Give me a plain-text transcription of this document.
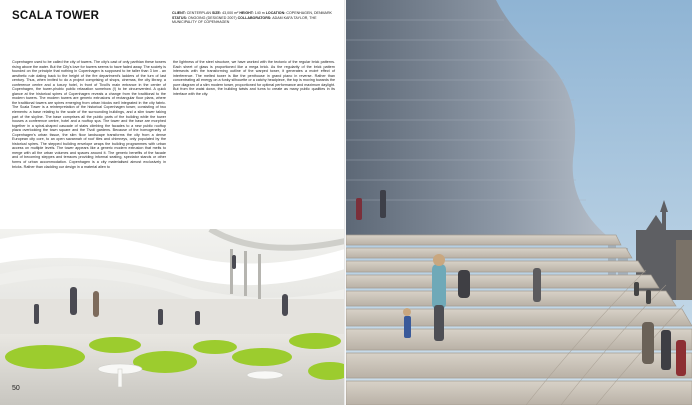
SCALA TOWER	CLIENT: CENTERPLAN SIZE: 43,000 m² HEIGHT: 140 m LOCATION: COPENHAGEN, DENMARK STATUS: ONGOING (DESIGNED 2007) COLLABORATORS: ADAM KAFA TAYLOR, THE MUNICIPALITY OF COPENHAGEN

Copenhagen used to be called the city of towers. The city's cast of only parthian these towers rising above the water. But the City's love for towers seems to have faded away. The society is founded on the principle that nothing in Copenhagen is supposed to be taller than 3 km - an aesthetic rule dating back to the height of the fire department's ladders of the turn of last century. Thus, when invited to do a project comprising of shops, cinemas, the city library, a conference centre and a luxury hotel, in front of Tivoli's main entrance in the center of Copenhagen, the tower-phobic public relaxation somehow (!) to be circumvented. A quick glance at the historical spires of Copenhagen reveals a change from the traditional to the modern towers. The modern towers are generic extrusions of rectangular floor plans, where the traditional towers are spires emerging from urban blocks well integrated in the city fabric. The Scala Tower is a reinterpretation of the historical Copenhagen tower, consisting of two elements: a base relating to the scale of the surrounding buildings, and a slim tower taking part of the skyline. The base comprises all the public parts of the building while the tower houses a conference centre, hotel and a rooftop spa. The tower and the base are morphed together in a spiral-shaped cascade of stairs climbing the facades to a new public rooftop plaza overlooking the town square and the Tivoli gardens. Because of the homogeneity of Copenhagen's urban tissue, the slim floor landscape transforms the city from a dense European city core, to an open savannah of roof tiles and chimneys, only populated by the historical spires. The stepped building envelope wraps the building programmes with urban access on multiple levels. The tower appears like a generic modern extrusion that melts to merge with all the urban volumes and spaces around it. The generic benefits of the facade and of becoming steppes and terraces providing informal seating, spectator stands or other forms of urban accommodation. Copenhagen is a city materialised almost exclusively in bricks. Rather than cladding our design in a material alien to

the lightness of the steel structure, we have worked with the tectonic of the regular brick patterns. Each sheet of glass is proportioned like a mega brick. As the regularity of the brick pattern intersects with the transforming outline of the warped tower, it generates a moiré effect of interference. The melted tower is like the penthouse in grand piano in reverse. Rather than concentrating all energy on a funky silhouette or a catchy headpiece, the top is moving towards the pure diagram of a slim modern tower, proportioned for optimal performance and maximum daylight. But from the waist down, the building twists and turns to create as many public qualities in its interface with the city.

50
